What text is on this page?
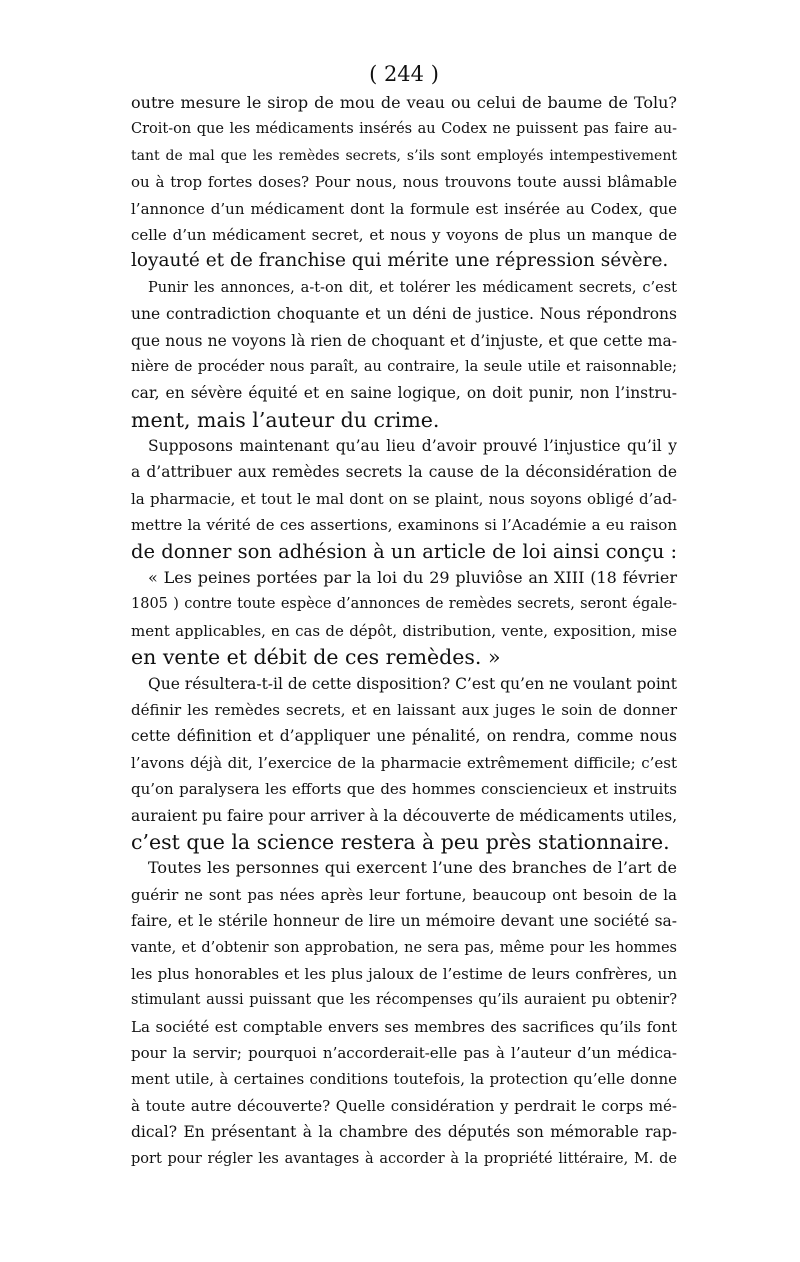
( 244 )
outre mesure le sirop de mou de veau ou celui de baume de Tolu?
Croit-on que les médicaments insérés au Codex ne puissent pas faire au-
tant de mal que les remèdes secrets, s’ils sont employés intempestivement
ou à trop fortes doses? Pour nous, nous trouvons toute aussi blâmable
l’annonce d’un médicament dont la formule est insérée au Codex, que
celle d’un médicament secret, et nous y voyons de plus un manque de
loyauté et de franchise qui mérite une répression sévère.
Punir les annonces, a-t-on dit, et tolérer les médicament secrets, c’est
une contradiction choquante et un déni de justice. Nous répondrons
que nous ne voyons là rien de choquant et d’injuste, et que cette ma-
nière de procéder nous paraît, au contraire, la seule utile et raisonnable;
car, en sévère équité et en saine logique, on doit punir, non l’instru-
ment, mais l’auteur du crime.
Supposons maintenant qu’au lieu d’avoir prouvé l’injustice qu’il y
a d’attribuer aux remèdes secrets la cause de la déconsidération de
la pharmacie, et tout le mal dont on se plaint, nous soyons obligé d’ad-
mettre la vérité de ces assertions, examinons si l’Académie a eu raison
de donner son adhésion à un article de loi ainsi conçu :
« Les peines portées par la loi du 29 pluviôse an XIII (18 février
1805 ) contre toute espèce d’annonces de remèdes secrets, seront égale-
ment applicables, en cas de dépôt, distribution, vente, exposition, mise
en vente et débit de ces remèdes. »
Que résultera-t-il de cette disposition? C’est qu’en ne voulant point
définir les remèdes secrets, et en laissant aux juges le soin de donner
cette définition et d’appliquer une pénalité, on rendra, comme nous
l’avons déjà dit, l’exercice de la pharmacie extrêmement difficile; c’est
qu’on paralysera les efforts que des hommes consciencieux et instruits
auraient pu faire pour arriver à la découverte de médicaments utiles,
c’est que la science restera à peu près stationnaire.
Toutes les personnes qui exercent l’une des branches de l’art de
guérir ne sont pas nées après leur fortune, beaucoup ont besoin de la
faire, et le stérile honneur de lire un mémoire devant une société sa-
vante, et d’obtenir son approbation, ne sera pas, même pour les hommes
les plus honorables et les plus jaloux de l’estime de leurs confrères, un
stimulant aussi puissant que les récompenses qu’ils auraient pu obtenir?
La société est comptable envers ses membres des sacrifices qu’ils font
pour la servir; pourquoi n’accorderait-elle pas à l’auteur d’un médica-
ment utile, à certaines conditions toutefois, la protection qu’elle donne
à toute autre découverte? Quelle considération y perdrait le corps mé-
dical? En présentant à la chambre des députés son mémorable rap-
port pour régler les avantages à accorder à la propriété littéraire, M. de
